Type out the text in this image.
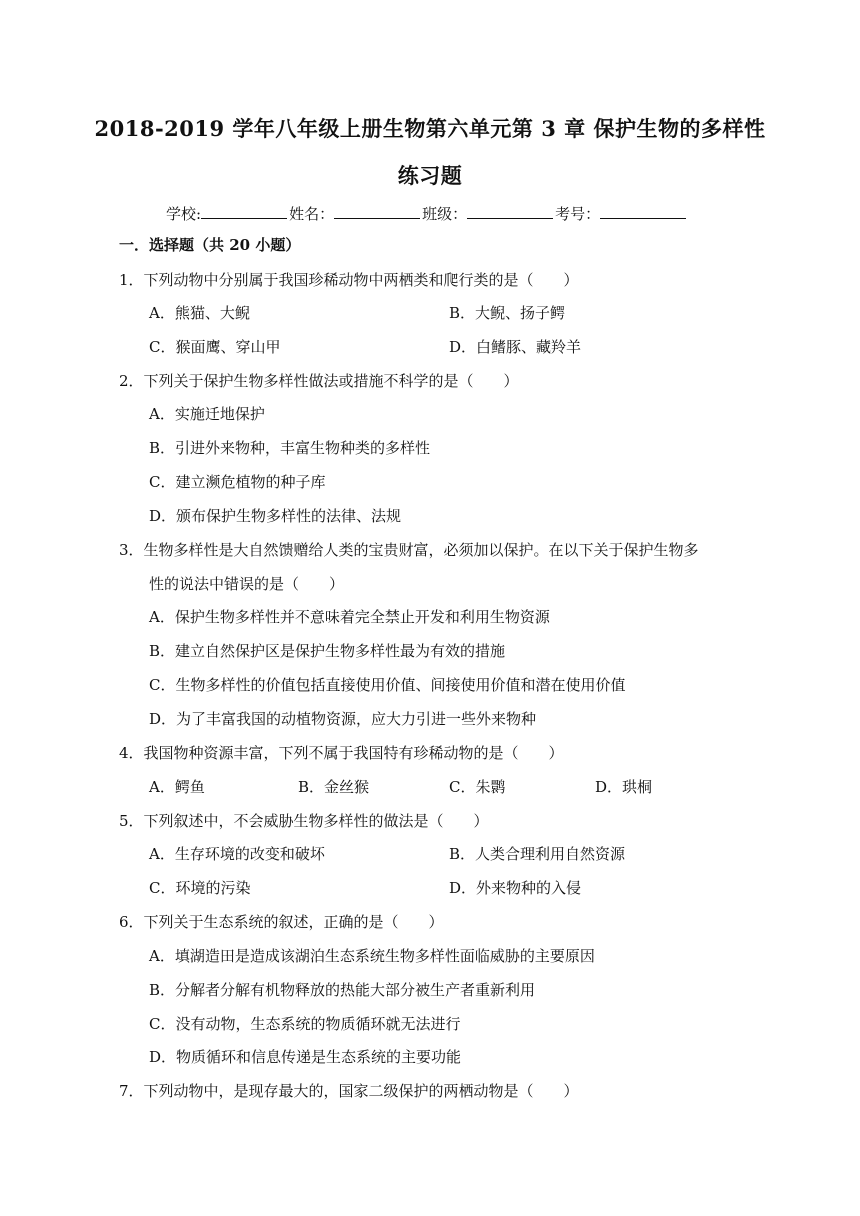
2018-2019 学年八年级上册生物第六单元第 3 章 保护生物的多样性
练习题
学校:	姓名：	班级：	考号：
一．选择题（共 20 小题）
1．下列动物中分别属于我国珍稀动物中两栖类和爬行类的是（　　）
A．熊猫、大鲵	B．大鲵、扬子鳄
C．猴面鹰、穿山甲	D．白鳍豚、藏羚羊
2．下列关于保护生物多样性做法或措施不科学的是（　　）
A．实施迁地保护
B．引进外来物种，丰富生物种类的多样性
C．建立濒危植物的种子库
D．颁布保护生物多样性的法律、法规
3．生物多样性是大自然馈赠给人类的宝贵财富，必须加以保护。在以下关于保护生物多
性的说法中错误的是（　　）
A．保护生物多样性并不意味着完全禁止开发和利用生物资源
B．建立自然保护区是保护生物多样性最为有效的措施
C．生物多样性的价值包括直接使用价值、间接使用价值和潜在使用价值
D．为了丰富我国的动植物资源，应大力引进一些外来物种
4．我国物种资源丰富，下列不属于我国特有珍稀动物的是（　　）
A．鳄鱼	B．金丝猴	C．朱鹮	D．珙桐
5．下列叙述中，不会威胁生物多样性的做法是（　　）
A．生存环境的改变和破坏	B．人类合理利用自然资源
C．环境的污染	D．外来物种的入侵
6．下列关于生态系统的叙述，正确的是（　　）
A．填湖造田是造成该湖泊生态系统生物多样性面临威胁的主要原因
B．分解者分解有机物释放的热能大部分被生产者重新利用
C．没有动物，生态系统的物质循环就无法进行
D．物质循环和信息传递是生态系统的主要功能
7．下列动物中，是现存最大的，国家二级保护的两栖动物是（　　）
